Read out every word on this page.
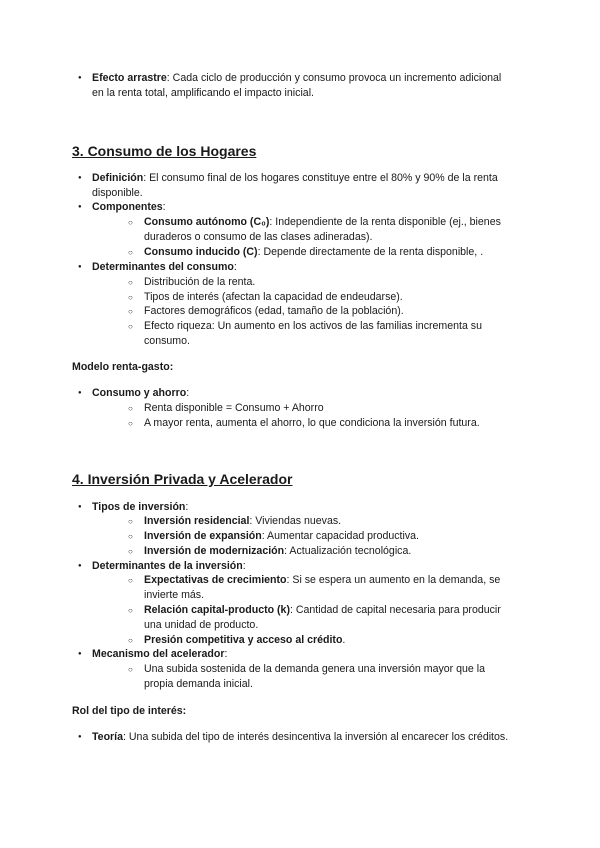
● Efecto arrastre: Cada ciclo de producción y consumo provoca un incremento adicional en la renta total, amplificando el impacto inicial.
3. Consumo de los Hogares
● Definición: El consumo final de los hogares constituye entre el 80% y 90% de la renta disponible.
● Componentes:
○ Consumo autónomo (C₀): Independiente de la renta disponible (ej., bienes duraderos o consumo de las clases adineradas).
○ Consumo inducido (C): Depende directamente de la renta disponible, .
● Determinantes del consumo:
○ Distribución de la renta.
○ Tipos de interés (afectan la capacidad de endeudarse).
○ Factores demográficos (edad, tamaño de la población).
○ Efecto riqueza: Un aumento en los activos de las familias incrementa su consumo.
Modelo renta-gasto:
● Consumo y ahorro:
○ Renta disponible = Consumo + Ahorro
○ A mayor renta, aumenta el ahorro, lo que condiciona la inversión futura.
4. Inversión Privada y Acelerador
● Tipos de inversión:
○ Inversión residencial: Viviendas nuevas.
○ Inversión de expansión: Aumentar capacidad productiva.
○ Inversión de modernización: Actualización tecnológica.
● Determinantes de la inversión:
○ Expectativas de crecimiento: Si se espera un aumento en la demanda, se invierte más.
○ Relación capital-producto (k): Cantidad de capital necesaria para producir una unidad de producto.
○ Presión competitiva y acceso al crédito.
● Mecanismo del acelerador:
○ Una subida sostenida de la demanda genera una inversión mayor que la propia demanda inicial.
Rol del tipo de interés:
● Teoría: Una subida del tipo de interés desincentiva la inversión al encarecer los créditos.
